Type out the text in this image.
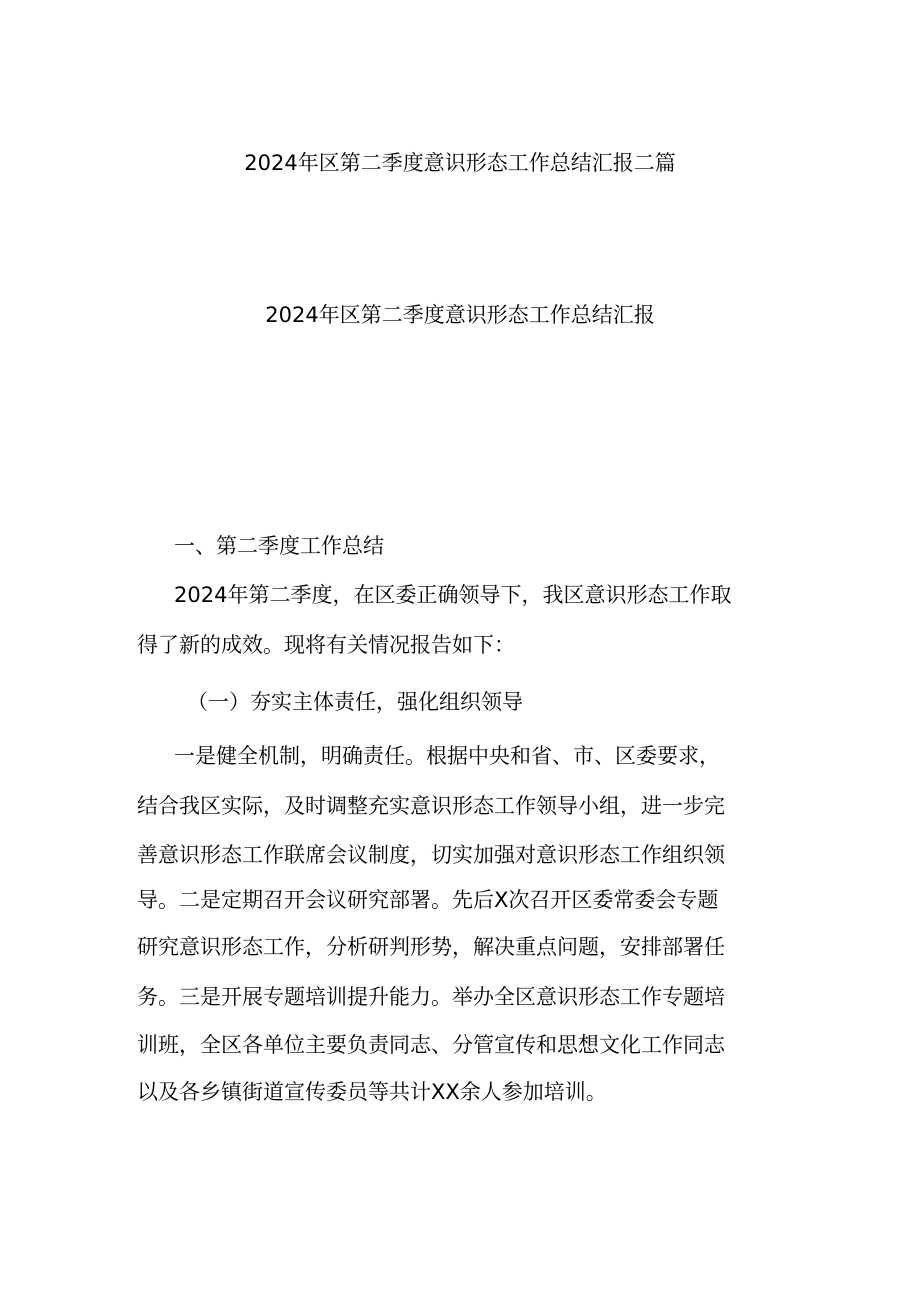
2024年区第二季度意识形态工作总结汇报二篇
2024年区第二季度意识形态工作总结汇报
一、第二季度工作总结
2024年第二季度，在区委正确领导下，我区意识形态工作取
得了新的成效。现将有关情况报告如下：
（一）夯实主体责任，强化组织领导
一是健全机制，明确责任。根据中央和省、市、区委要求，
结合我区实际，及时调整充实意识形态工作领导小组，进一步完
善意识形态工作联席会议制度，切实加强对意识形态工作组织领
导。二是定期召开会议研究部署。先后X次召开区委常委会专题
研究意识形态工作，分析研判形势，解决重点问题，安排部署任
务。三是开展专题培训提升能力。举办全区意识形态工作专题培
训班，全区各单位主要负责同志、分管宣传和思想文化工作同志
以及各乡镇街道宣传委员等共计XX余人参加培训。
